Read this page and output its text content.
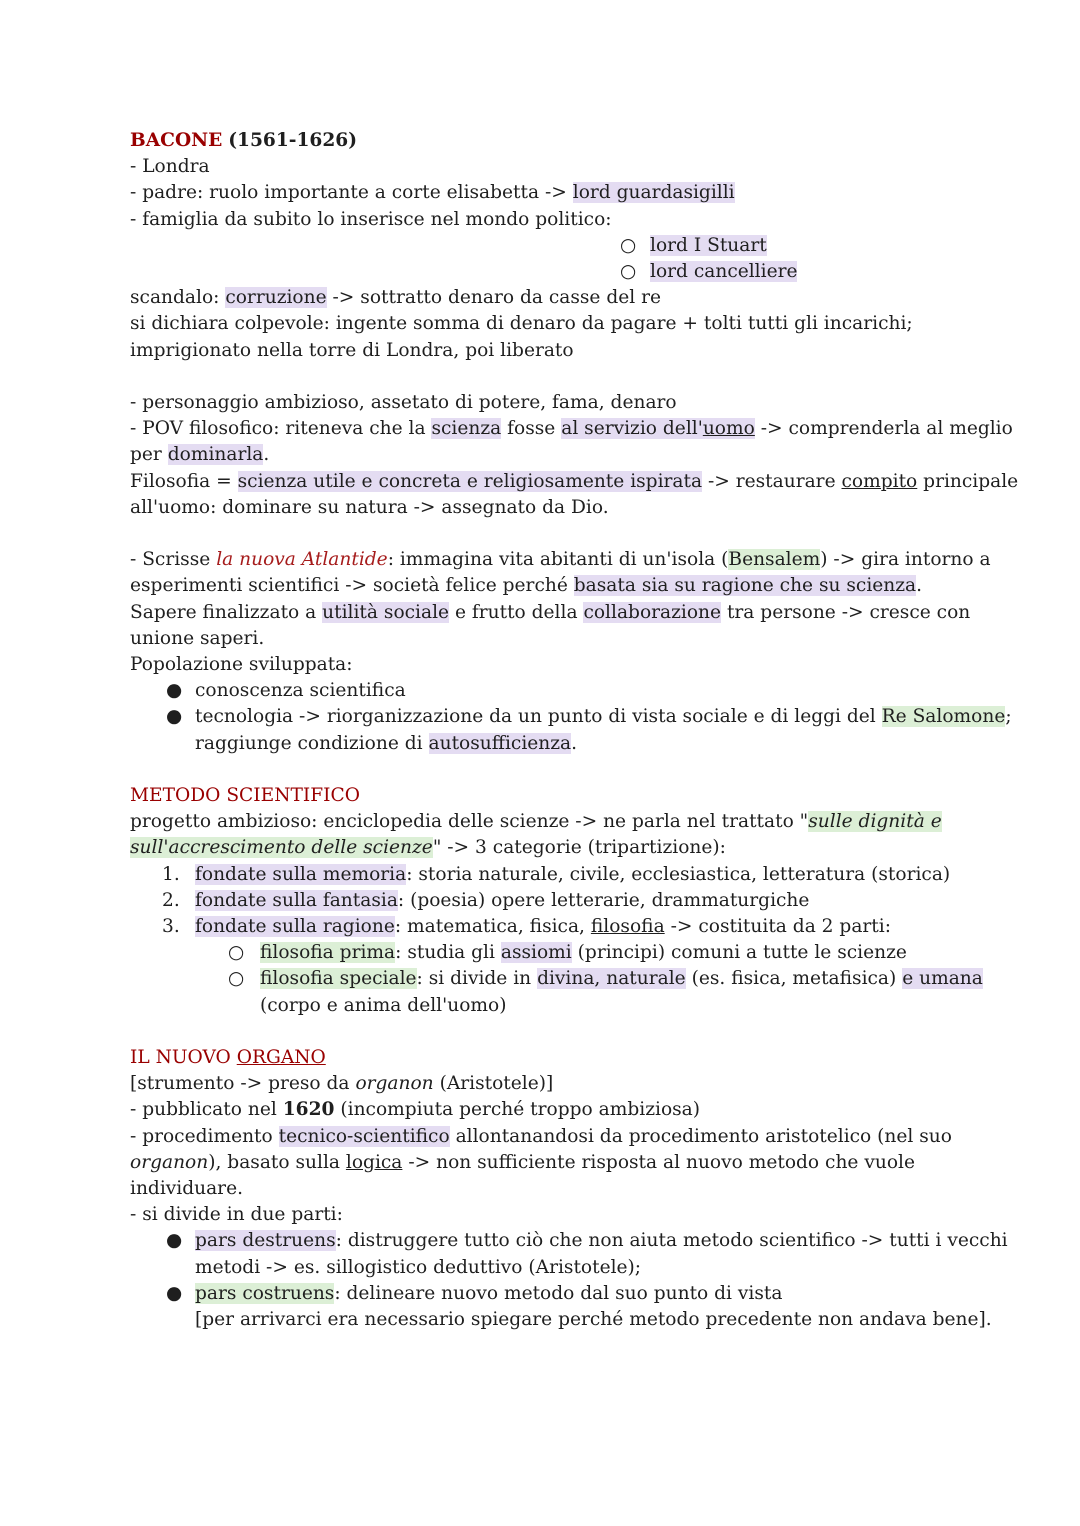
BACONE (1561-1626)

- Londra

- padre: ruolo importante a corte elisabetta -> lord guardasigilli

- famiglia da subito lo inserisce nel mondo politico:

○ lord I Stuart

○ lord cancelliere

scandalo: corruzione -> sottratto denaro da casse del re

si dichiara colpevole: ingente somma di denaro da pagare + tolti tutti gli incarichi;

imprigionato nella torre di Londra, poi liberato

- personaggio ambizioso, assetato di potere, fama, denaro

- POV filosofico: riteneva che la scienza fosse al servizio dell'uomo -> comprenderla al meglio

per dominarla.

Filosofia = scienza utile e concreta e religiosamente ispirata -> restaurare compito principale

all'uomo: dominare su natura -> assegnato da Dio.

- Scrisse la nuova Atlantide: immagina vita abitanti di un'isola (Bensalem) -> gira intorno a

esperimenti scientifici -> società felice perché basata sia su ragione che su scienza.

Sapere finalizzato a utilità sociale e frutto della collaborazione tra persone -> cresce con

unione saperi.

Popolazione sviluppata:

● conoscenza scientifica

● tecnologia -> riorganizzazione da un punto di vista sociale e di leggi del Re Salomone;

raggiunge condizione di autosufficienza.

METODO SCIENTIFICO

progetto ambizioso: enciclopedia delle scienze -> ne parla nel trattato "sulle dignità e

sull'accrescimento delle scienze" -> 3 categorie (tripartizione):

1. fondate sulla memoria: storia naturale, civile, ecclesiastica, letteratura (storica)

2. fondate sulla fantasia: (poesia) opere letterarie, drammaturgiche

3. fondate sulla ragione: matematica, fisica, filosofia -> costituita da 2 parti:

○ filosofia prima: studia gli assiomi (principi) comuni a tutte le scienze

○ filosofia speciale: si divide in divina, naturale (es. fisica, metafisica) e umana

(corpo e anima dell'uomo)

IL NUOVO ORGANO

[strumento -> preso da organon (Aristotele)]

- pubblicato nel 1620 (incompiuta perché troppo ambiziosa)

- procedimento tecnico-scientifico allontanandosi da procedimento aristotelico (nel suo

organon), basato sulla logica -> non sufficiente risposta al nuovo metodo che vuole

individuare.

- si divide in due parti:

● pars destruens: distruggere tutto ciò che non aiuta metodo scientifico -> tutti i vecchi

metodi -> es. sillogistico deduttivo (Aristotele);

● pars costruens: delineare nuovo metodo dal suo punto di vista

[per arrivarci era necessario spiegare perché metodo precedente non andava bene].
